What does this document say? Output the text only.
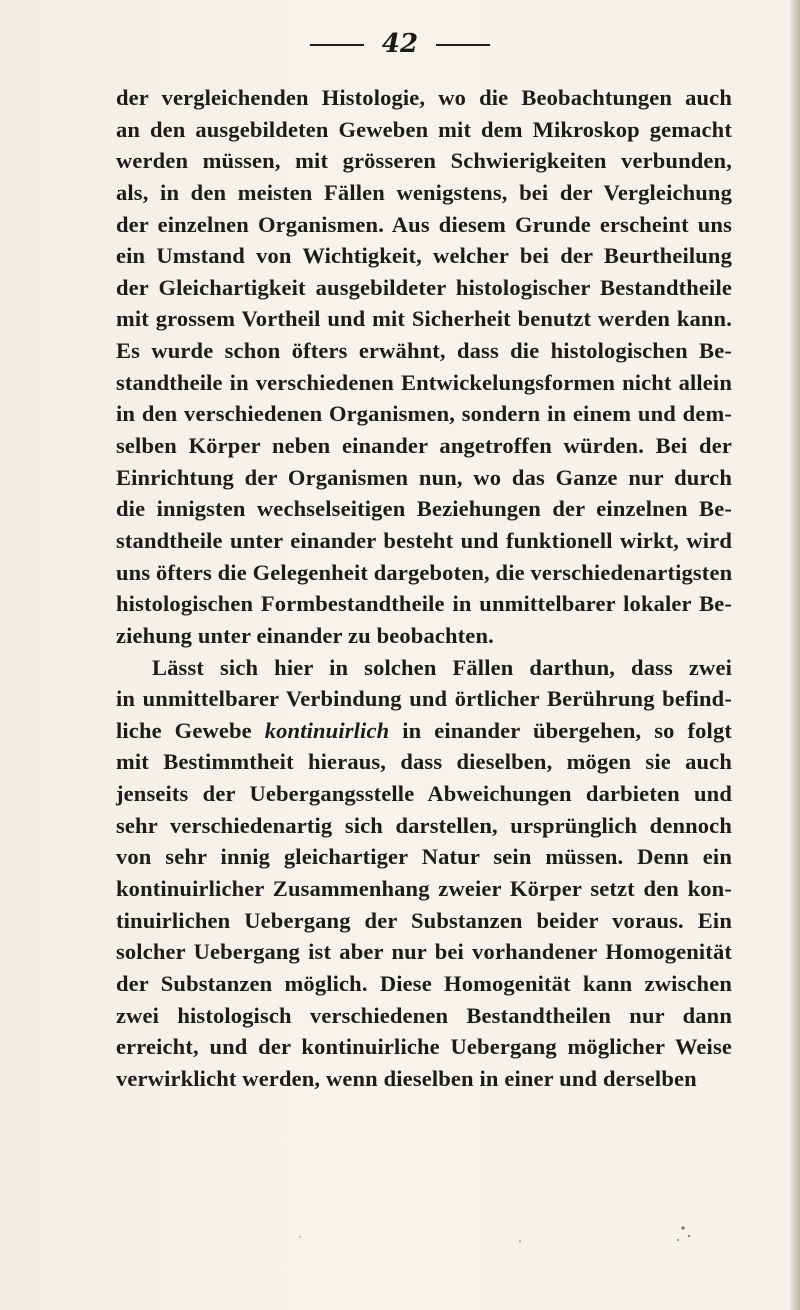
42
der vergleichenden Histologie, wo die Beobachtungen auch
an den ausgebildeten Geweben mit dem Mikroskop gemacht
werden müssen, mit grösseren Schwierigkeiten verbunden,
als, in den meisten Fällen wenigstens, bei der Vergleichung
der einzelnen Organismen. Aus diesem Grunde erscheint uns
ein Umstand von Wichtigkeit, welcher bei der Beurtheilung
der Gleichartigkeit ausgebildeter histologischer Bestandtheile
mit grossem Vortheil und mit Sicherheit benutzt werden kann.
Es wurde schon öfters erwähnt, dass die histologischen Be-
standtheile in verschiedenen Entwickelungsformen nicht allein
in den verschiedenen Organismen, sondern in einem und dem-
selben Körper neben einander angetroffen würden. Bei der
Einrichtung der Organismen nun, wo das Ganze nur durch
die innigsten wechselseitigen Beziehungen der einzelnen Be-
standtheile unter einander besteht und funktionell wirkt, wird
uns öfters die Gelegenheit dargeboten, die verschiedenartigsten
histologischen Formbestandtheile in unmittelbarer lokaler Be-
ziehung unter einander zu beobachten.
Lässt sich hier in solchen Fällen darthun, dass zwei
in unmittelbarer Verbindung und örtlicher Berührung befind-
liche Gewebe kontinuirlich in einander übergehen, so folgt
mit Bestimmtheit hieraus, dass dieselben, mögen sie auch
jenseits der Uebergangsstelle Abweichungen darbieten und
sehr verschiedenartig sich darstellen, ursprünglich dennoch
von sehr innig gleichartiger Natur sein müssen. Denn ein
kontinuirlicher Zusammenhang zweier Körper setzt den kon-
tinuirlichen Uebergang der Substanzen beider voraus. Ein
solcher Uebergang ist aber nur bei vorhandener Homogenität
der Substanzen möglich. Diese Homogenität kann zwischen
zwei histologisch verschiedenen Bestandtheilen nur dann
erreicht, und der kontinuirliche Uebergang möglicher Weise
verwirklicht werden, wenn dieselben in einer und derselben
